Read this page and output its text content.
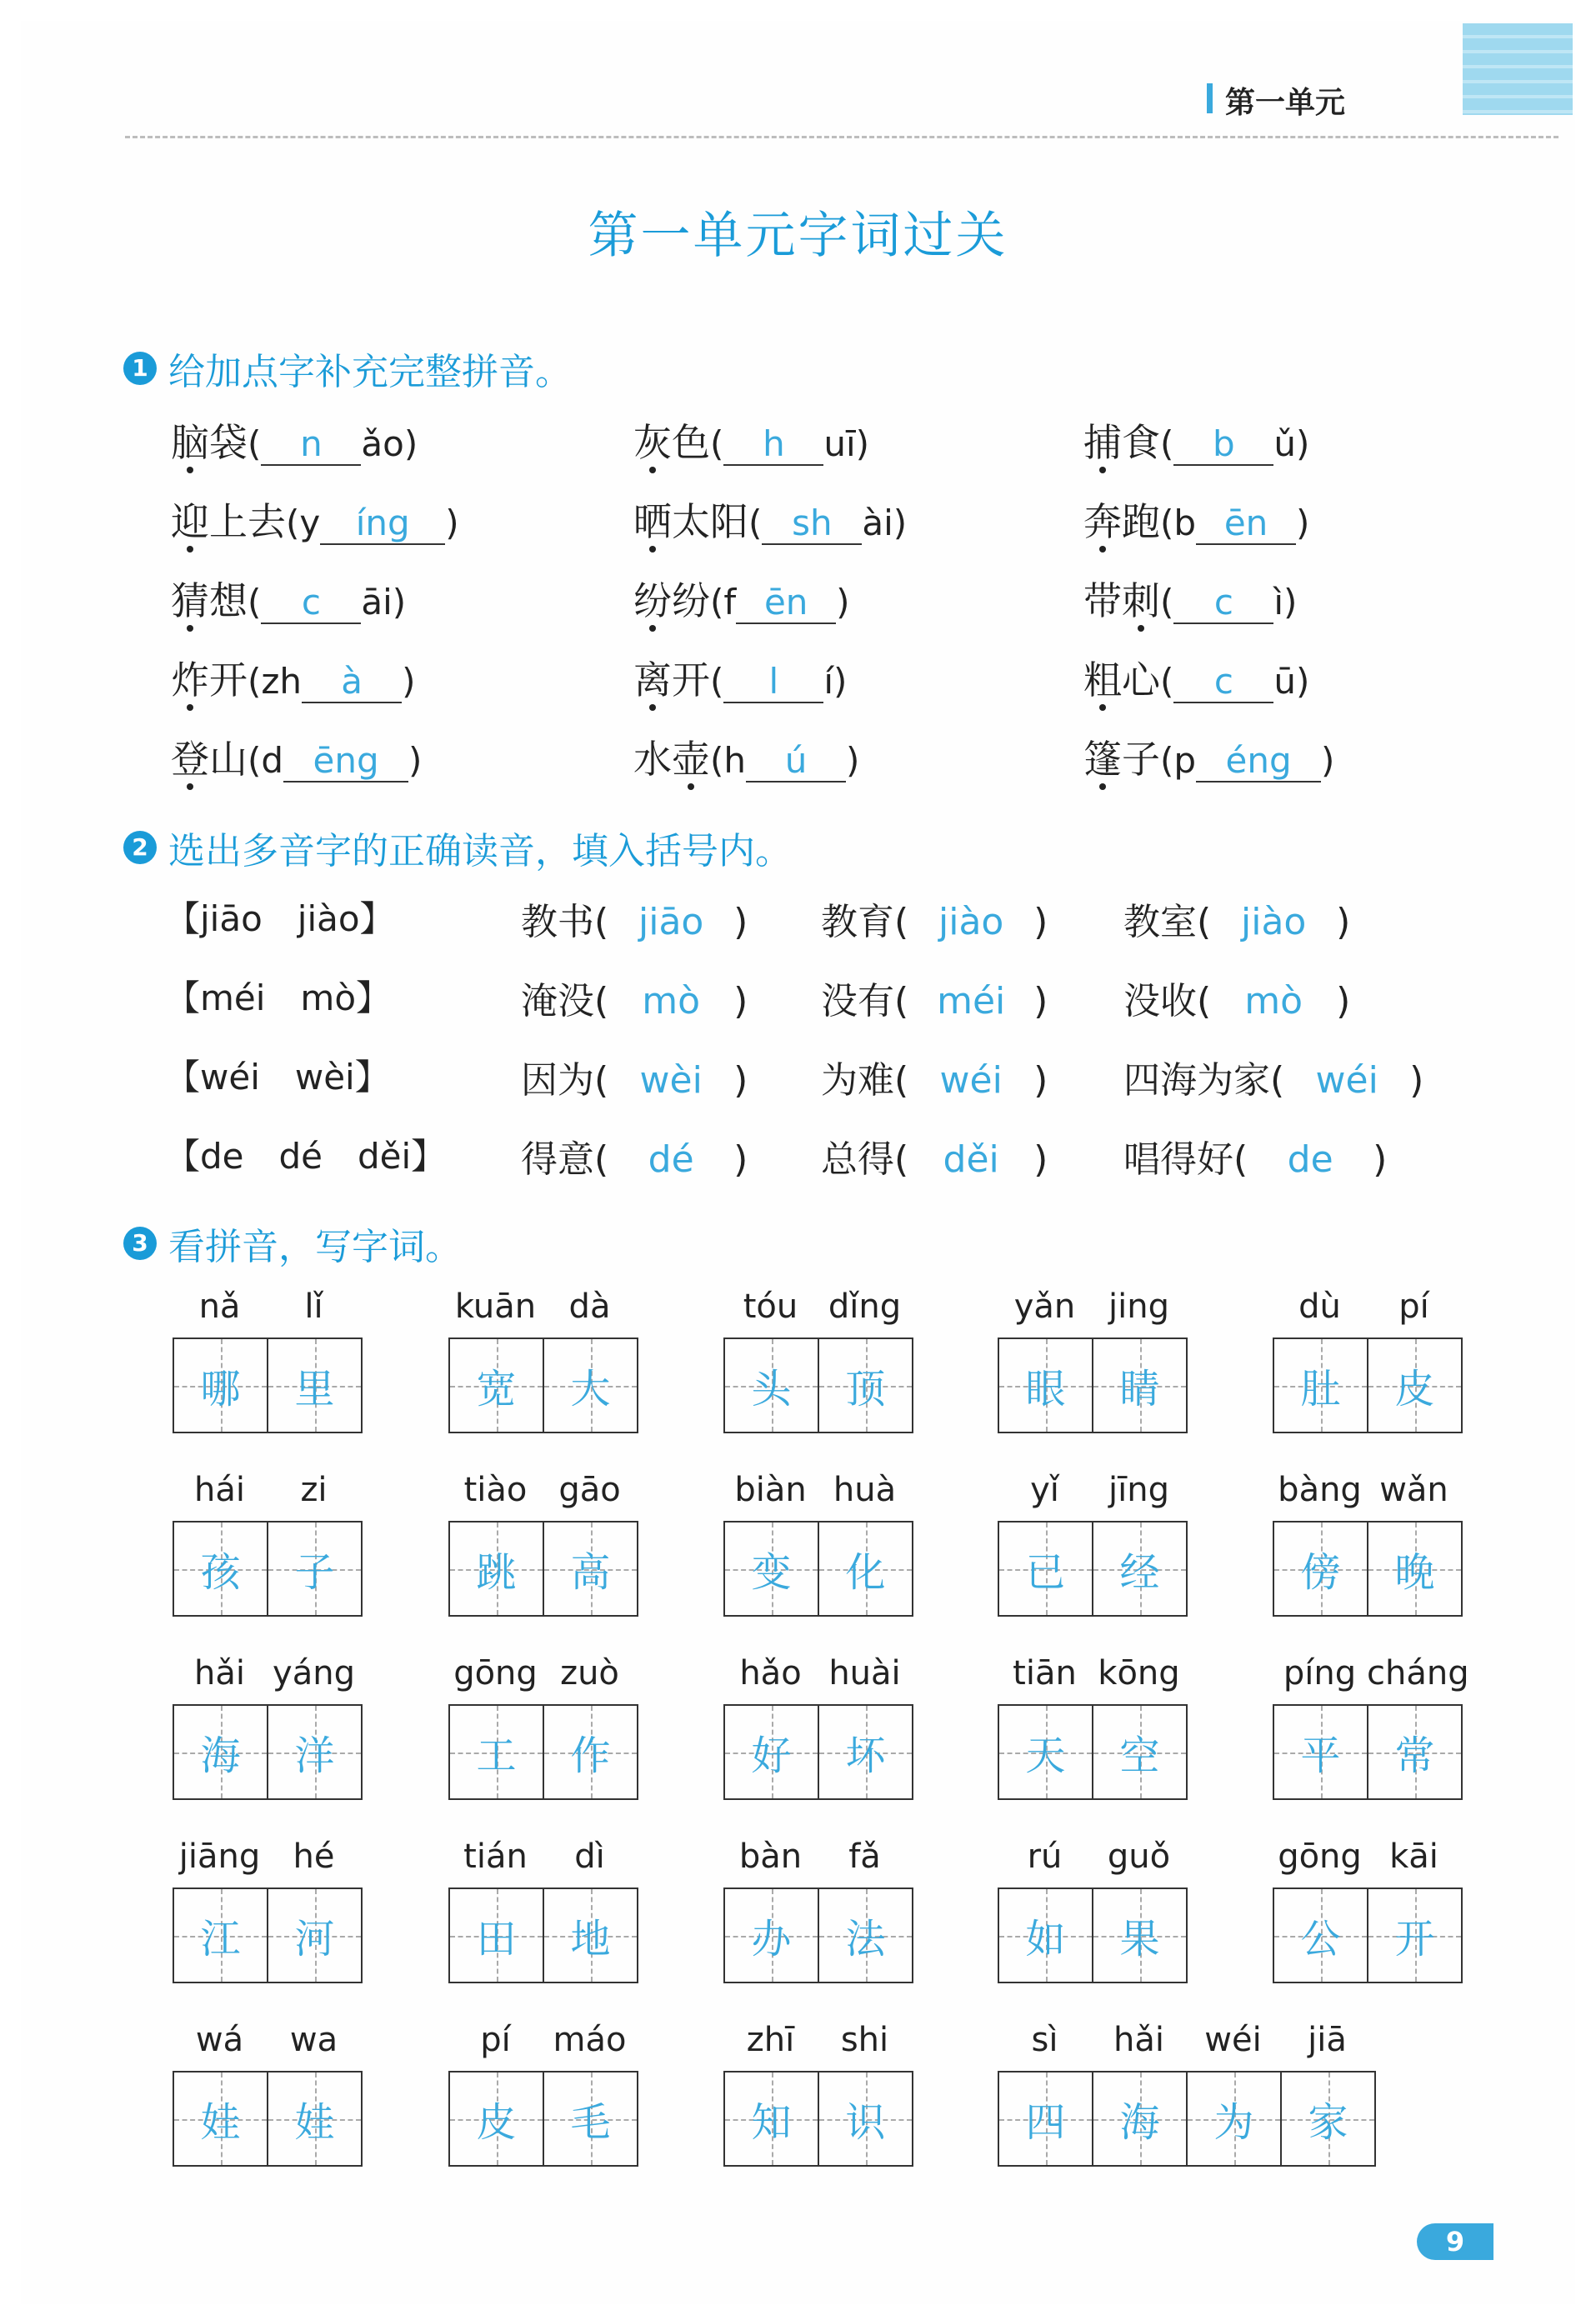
第一单元
第一单元字词过关
1 给加点字补充完整拼音。
脑袋( n ǎo)	灰色( h uī)	捕食( b ǔ)
迎上去(y íng )	晒太阳( sh ài)	奔跑(b ēn )
猜想( c āi)	纷纷(f ēn )	带刺( c ì)
炸开(zh à )	离开( l í)	粗心( c ū)
登山(d ēng )	水壶(h ú )	篷子(p éng )
2 选出多音字的正确读音，填入括号内。
【jiāo　jiào】	教书( jiāo ) 教育( jiào ) 教室( jiào )
【méi　mò】	淹没( mò ) 没有( méi ) 没收( mò )
【wéi　wèi】	因为( wèi ) 为难( wéi ) 四海为家( wéi )
【de　dé　děi】 得意( dé ) 总得( děi ) 唱得好( de )
3 看拼音，写字词。
nǎ	lǐ
哪 里
kuān dà
宽 大
tóu dǐng
头 顶
yǎn jing
眼 睛
dù	pí
肚 皮
hái	zi
孩 子
tiào gāo
跳 高
biàn huà
变 化
yǐ	jīng
已 经
bàng wǎn
傍 晚
hǎi yáng
海 洋
gōng zuò
工 作
hǎo huài
好 坏
tiān kōng
天 空
píng cháng
平 常
jiāng hé
江 河
tián	dì
田 地
bàn	fǎ
办 法
rú	guǒ
如 果
gōng kāi
公 开
wá	wa
娃 娃
pí	máo
皮 毛
zhī	shi
知 识
sì	hǎi	wéi	jiā
四 海 为 家
9
